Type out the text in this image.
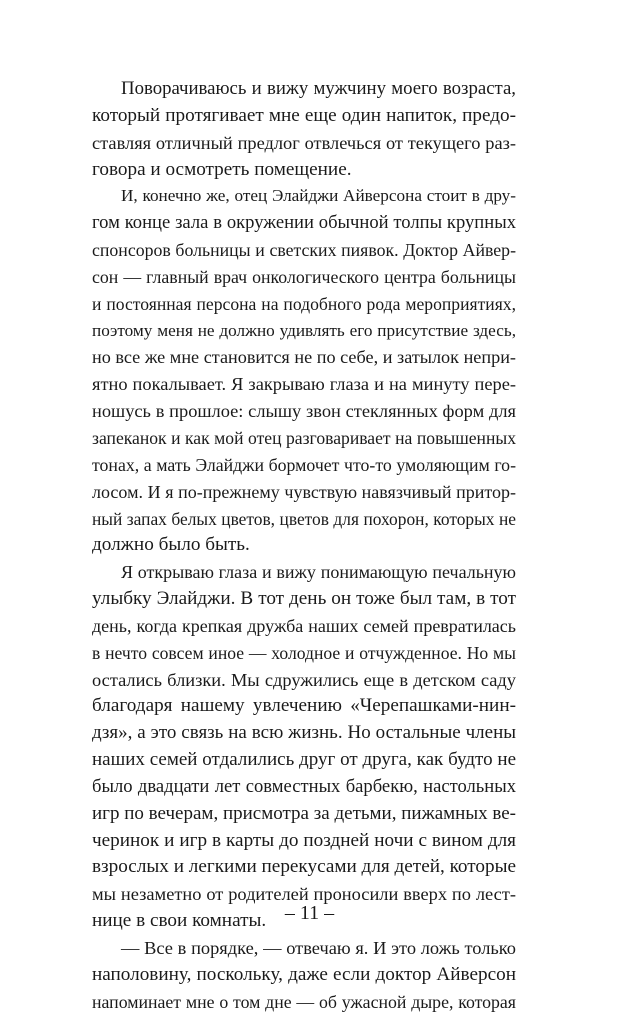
Поворачиваюсь и вижу мужчину моего возраста,
который протягивает мне еще один напиток, предо-
ставляя отличный предлог отвлечься от текущего раз-
говора и осмотреть помещение.
И, конечно же, отец Элайджи Айверсона стоит в дру-
гом конце зала в окружении обычной толпы крупных
спонсоров больницы и светских пиявок. Доктор Айвер-
сон — главный врач онкологического центра больницы
и постоянная персона на подобного рода мероприятиях,
поэтому меня не должно удивлять его присутствие здесь,
но все же мне становится не по себе, и затылок непри-
ятно покалывает. Я закрываю глаза и на минуту пере-
ношусь в прошлое: слышу звон стеклянных форм для
запеканок и как мой отец разговаривает на повышенных
тонах, а мать Элайджи бормочет что-то умоляющим го-
лосом. И я по-прежнему чувствую навязчивый притор-
ный запах белых цветов, цветов для похорон, которых не
должно было быть.
Я открываю глаза и вижу понимающую печальную
улыбку Элайджи. В тот день он тоже был там, в тот
день, когда крепкая дружба наших семей превратилась
в нечто совсем иное — холодное и отчужденное. Но мы
остались близки. Мы сдружились еще в детском саду
благодаря нашему увлечению «Черепашками-нин-
дзя», а это связь на всю жизнь. Но остальные члены
наших семей отдалились друг от друга, как будто не
было двадцати лет совместных барбекю, настольных
игр по вечерам, присмотра за детьми, пижамных ве-
черинок и игр в карты до поздней ночи с вином для
взрослых и легкими перекусами для детей, которые
мы незаметно от родителей проносили вверх по лест-
нице в свои комнаты.
— Все в порядке, — отвечаю я. И это ложь только
наполовину, поскольку, даже если доктор Айверсон
напоминает мне о том дне — об ужасной дыре, которая
– 11 –
